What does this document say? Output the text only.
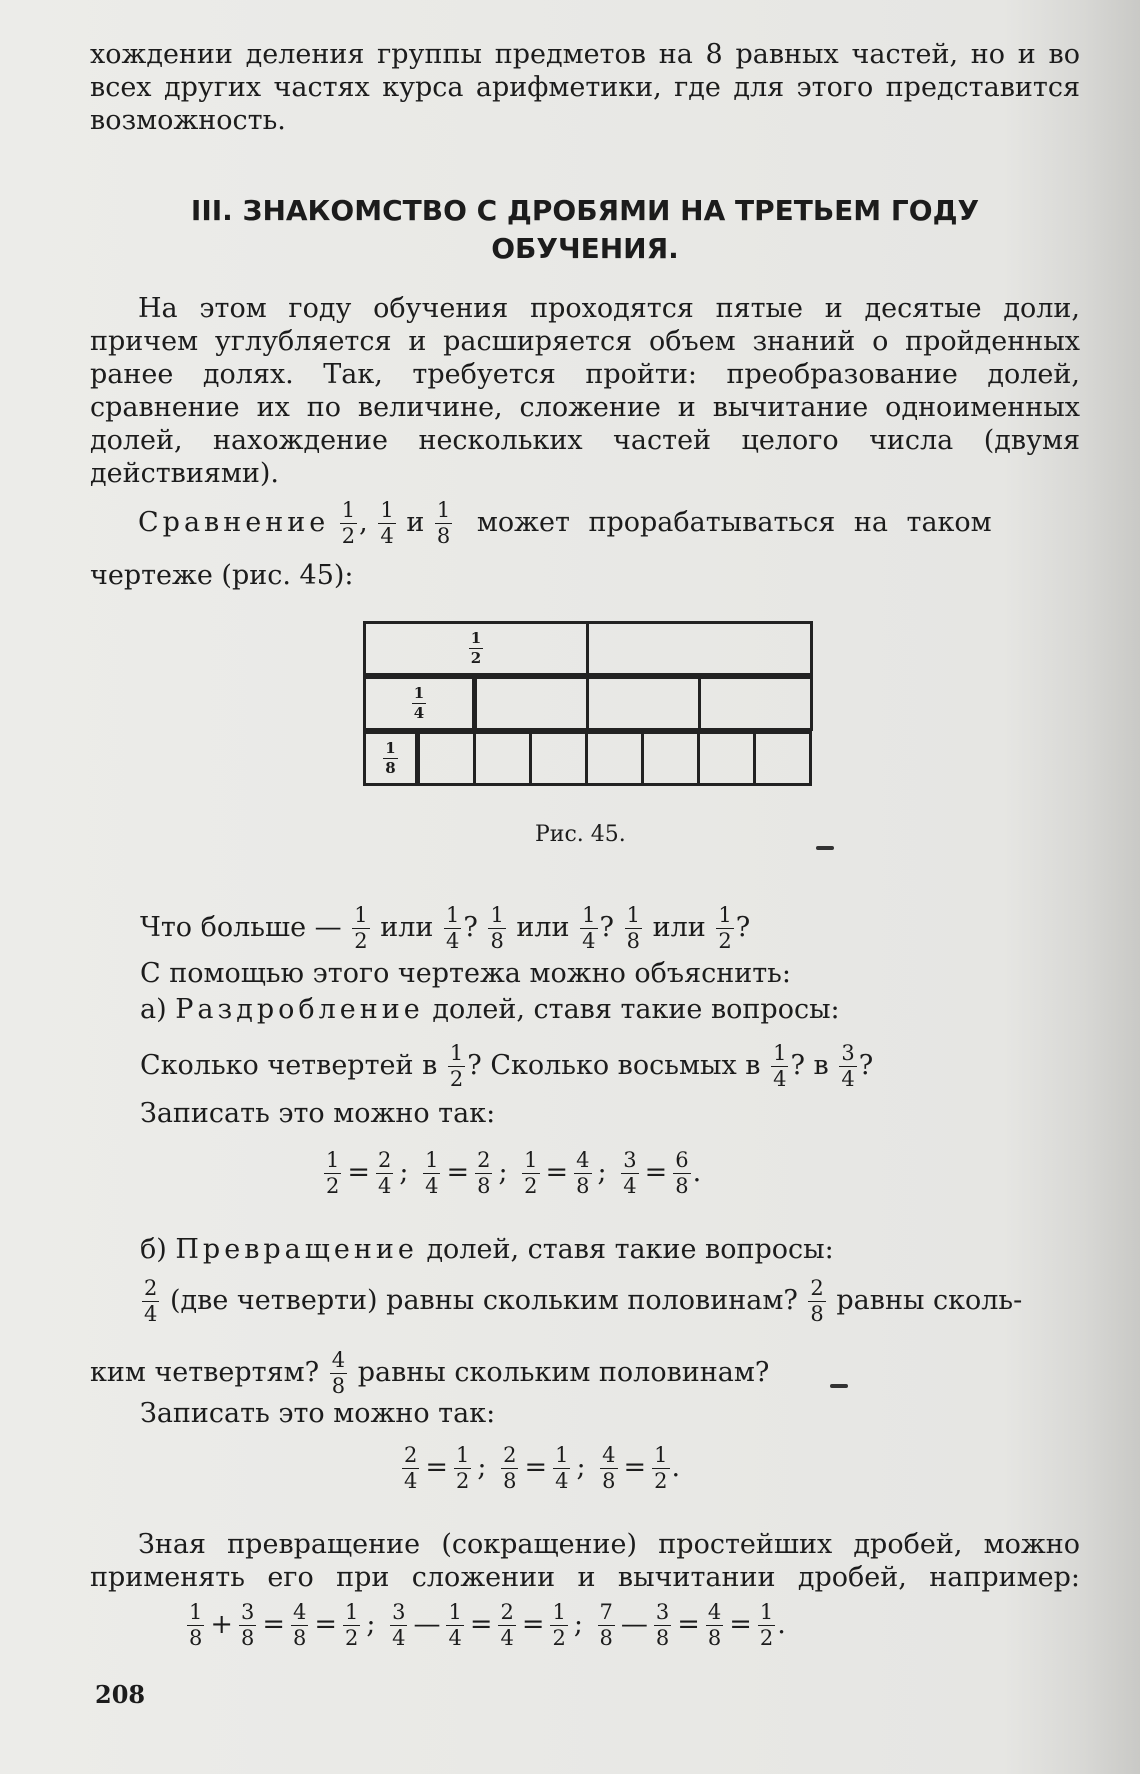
хождении деления группы предметов на 8 равных частей, но и во всех других частях курса арифметики, где для этого представится возможность.
III. ЗНАКОМСТВО С ДРОБЯМИ НА ТРЕТЬЕМ ГОДУ
ОБУЧЕНИЯ.
На этом году обучения проходятся пятые и десятые доли, причем углубляется и расширяется объем знаний о пройденных ранее долях. Так, требуется пройти: преобразование долей, сравнение их по величине, сложение и вычитание одноименных долей, нахождение нескольких частей целого числа (двумя действиями).
Сравнение $\frac{1}{2}$ , $\frac{1}{4}$ и $\frac{1}{8}$ может прорабатываться на таком
чертеже (рис. 45):
$\frac{1}{2}$
$\frac{1}{4}$
$\frac{1}{8}$
Рис. 45.
Что больше — $\frac{1}{2}$ или $\frac{1}{4}$ ? $\frac{1}{8}$ или $\frac{1}{4}$ ? $\frac{1}{8}$ или $\frac{1}{2}$ ?
С помощью этого чертежа можно объяснить:
а) Раздробление долей, ставя такие вопросы:
Сколько четвертей в $\frac{1}{2}$ ? Сколько восьмых в $\frac{1}{4}$ ? в $\frac{3}{4}$ ?
Записать это можно так:
$\frac{1}{2} = \frac{2}{4}$ ; $\frac{1}{4} = \frac{2}{8}$ ; $\frac{1}{2} = \frac{4}{8}$ ; $\frac{3}{4} = \frac{6}{8}$ .
б) Превращение долей, ставя такие вопросы:
$\frac{2}{4} (две$ четверти) равны скольким половинам? $\frac{2}{8}$ равны сколь-
ким четвертям? $\frac{4}{8}$ равны скольким половинам?
Записать это можно так:
$\frac{2}{4} = \frac{1}{2}$ ; $\frac{2}{8} = \frac{1}{4}$ ; $\frac{4}{8} = \frac{1}{2}$ .
Зная превращение (сокращение) простейших дробей, можно применять его при сложении и вычитании дробей, например:
$\frac{1}{8} + \frac{3}{8} = \frac{4}{8} = \frac{1}{2}$ ; $\frac{3}{4}$ — $\frac{1}{4} = \frac{2}{4} = \frac{1}{2}$ ; $\frac{7}{8}$ — $\frac{3}{8} = \frac{4}{8} = \frac{1}{2}$ .
208
